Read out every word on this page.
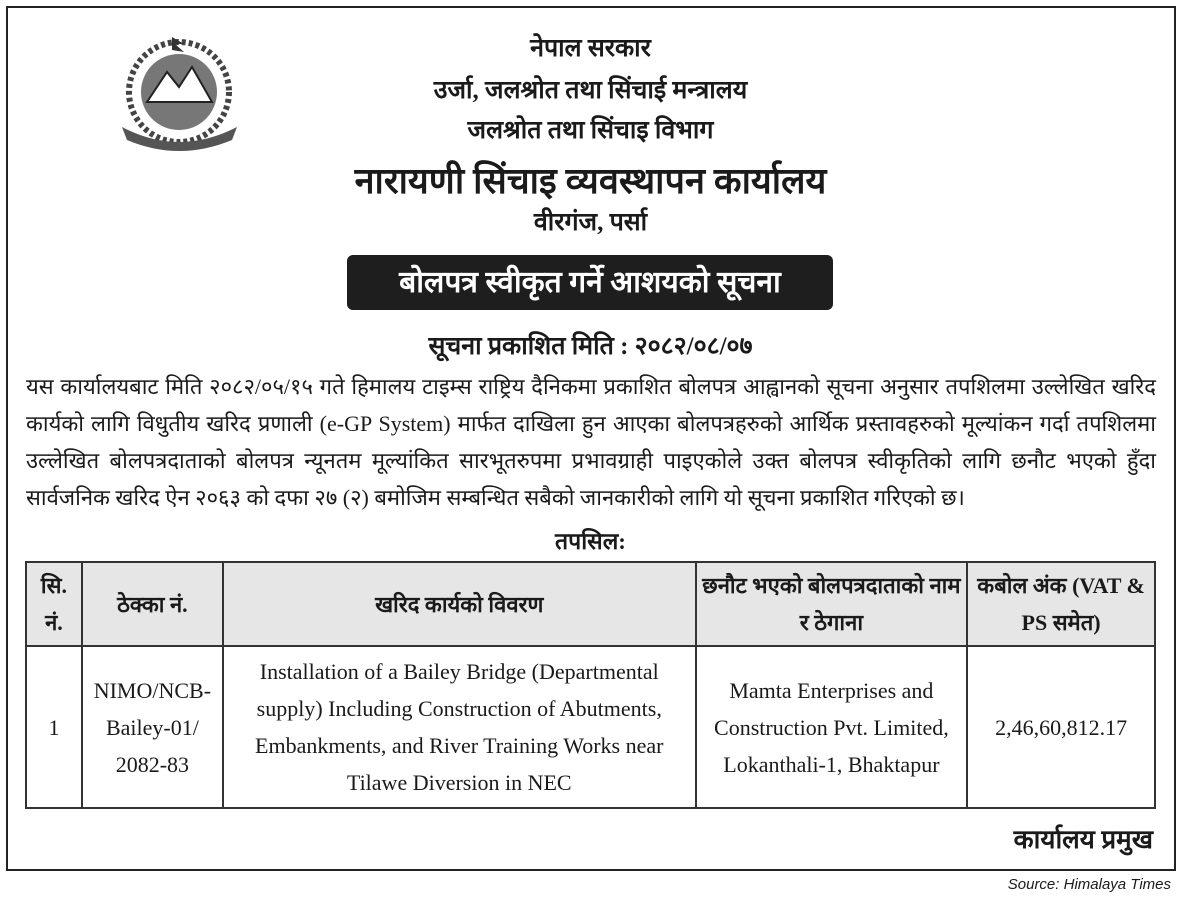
नेपाल सरकार
उर्जा, जलश्रोत तथा सिंचाई मन्त्रालय
जलश्रोत तथा सिंचाइ विभाग
नारायणी सिंचाइ व्यवस्थापन कार्यालय
वीरगंज, पर्सा
बोलपत्र स्वीकृत गर्ने आशयको सूचना
सूचना प्रकाशित मिति : २०८२/०८/०७
यस कार्यालयबाट मिति २०८२/०५/१५ गते हिमालय टाइम्स राष्ट्रिय दैनिकमा प्रकाशित बोलपत्र आह्वानको सूचना अनुसार तपशिलमा उल्लेखित खरिद कार्यको लागि विधुतीय खरिद प्रणाली (e-GP System) मार्फत दाखिला हुन आएका बोलपत्रहरुको आर्थिक प्रस्तावहरुको मूल्यांकन गर्दा तपशिलमा उल्लेखित बोलपत्रदाताको बोलपत्र न्यूनतम मूल्यांकित सारभूतरुपमा प्रभावग्राही पाइएकोले उक्त बोलपत्र स्वीकृतिको लागि छनौट भएको हुँदा सार्वजनिक खरिद ऐन २०६३ को दफा २७ (२) बमोजिम सम्बन्धित सबैको जानकारीको लागि यो सूचना प्रकाशित गरिएको छ।
तपसिल:
सि. नं.	ठेक्का नं.	खरिद कार्यको विवरण	छनौट भएको बोलपत्रदाताको नाम र ठेगाना	कबोल अंक (VAT & PS समेत)
1	NIMO/NCB-Bailey-01/ 2082-83	Installation of a Bailey Bridge (Departmental supply) Including Construction of Abutments, Embankments, and River Training Works near Tilawe Diversion in NEC	Mamta Enterprises and Construction Pvt. Limited, Lokanthali-1, Bhaktapur	2,46,60,812.17
कार्यालय प्रमुख
Source: Himalaya Times
